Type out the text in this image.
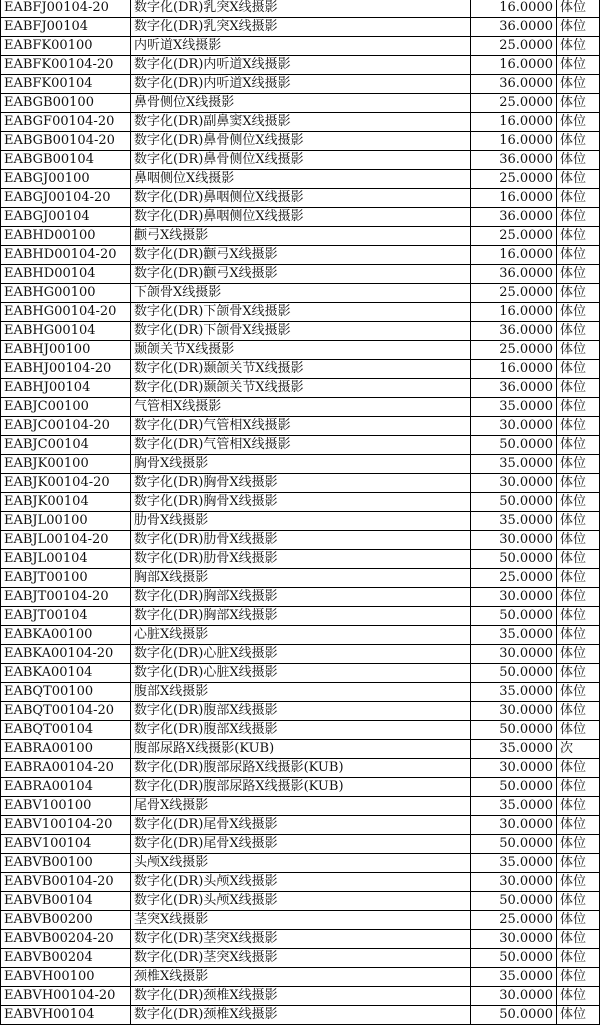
EABFJ00104-20	数字化(DR)乳突X线摄影	16.0000	体位
EABFJ00104	数字化(DR)乳突X线摄影	36.0000	体位
EABFK00100	内听道X线摄影	25.0000	体位
EABFK00104-20	数字化(DR)内听道X线摄影	16.0000	体位
EABFK00104	数字化(DR)内听道X线摄影	36.0000	体位
EABGB00100	鼻骨侧位X线摄影	25.0000	体位
EABGF00104-20	数字化(DR)副鼻窦X线摄影	16.0000	体位
EABGB00104-20	数字化(DR)鼻骨侧位X线摄影	16.0000	体位
EABGB00104	数字化(DR)鼻骨侧位X线摄影	36.0000	体位
EABGJ00100	鼻咽侧位X线摄影	25.0000	体位
EABGJ00104-20	数字化(DR)鼻咽侧位X线摄影	16.0000	体位
EABGJ00104	数字化(DR)鼻咽侧位X线摄影	36.0000	体位
EABHD00100	颧弓X线摄影	25.0000	体位
EABHD00104-20	数字化(DR)颧弓X线摄影	16.0000	体位
EABHD00104	数字化(DR)颧弓X线摄影	36.0000	体位
EABHG00100	下颌骨X线摄影	25.0000	体位
EABHG00104-20	数字化(DR)下颌骨X线摄影	16.0000	体位
EABHG00104	数字化(DR)下颌骨X线摄影	36.0000	体位
EABHJ00100	颞颌关节X线摄影	25.0000	体位
EABHJ00104-20	数字化(DR)颞颌关节X线摄影	16.0000	体位
EABHJ00104	数字化(DR)颞颌关节X线摄影	36.0000	体位
EABJC00100	气管相X线摄影	35.0000	体位
EABJC00104-20	数字化(DR)气管相X线摄影	30.0000	体位
EABJC00104	数字化(DR)气管相X线摄影	50.0000	体位
EABJK00100	胸骨X线摄影	35.0000	体位
EABJK00104-20	数字化(DR)胸骨X线摄影	30.0000	体位
EABJK00104	数字化(DR)胸骨X线摄影	50.0000	体位
EABJL00100	肋骨X线摄影	35.0000	体位
EABJL00104-20	数字化(DR)肋骨X线摄影	30.0000	体位
EABJL00104	数字化(DR)肋骨X线摄影	50.0000	体位
EABJT00100	胸部X线摄影	25.0000	体位
EABJT00104-20	数字化(DR)胸部X线摄影	30.0000	体位
EABJT00104	数字化(DR)胸部X线摄影	50.0000	体位
EABKA00100	心脏X线摄影	35.0000	体位
EABKA00104-20	数字化(DR)心脏X线摄影	30.0000	体位
EABKA00104	数字化(DR)心脏X线摄影	50.0000	体位
EABQT00100	腹部X线摄影	35.0000	体位
EABQT00104-20	数字化(DR)腹部X线摄影	30.0000	体位
EABQT00104	数字化(DR)腹部X线摄影	50.0000	体位
EABRA00100	腹部尿路X线摄影(KUB)	35.0000	次
EABRA00104-20	数字化(DR)腹部尿路X线摄影(KUB)	30.0000	体位
EABRA00104	数字化(DR)腹部尿路X线摄影(KUB)	50.0000	体位
EABV100100	尾骨X线摄影	35.0000	体位
EABV100104-20	数字化(DR)尾骨X线摄影	30.0000	体位
EABV100104	数字化(DR)尾骨X线摄影	50.0000	体位
EABVB00100	头颅X线摄影	35.0000	体位
EABVB00104-20	数字化(DR)头颅X线摄影	30.0000	体位
EABVB00104	数字化(DR)头颅X线摄影	50.0000	体位
EABVB00200	茎突X线摄影	25.0000	体位
EABVB00204-20	数字化(DR)茎突X线摄影	30.0000	体位
EABVB00204	数字化(DR)茎突X线摄影	50.0000	体位
EABVH00100	颈椎X线摄影	35.0000	体位
EABVH00104-20	数字化(DR)颈椎X线摄影	30.0000	体位
EABVH00104	数字化(DR)颈椎X线摄影	50.0000	体位
